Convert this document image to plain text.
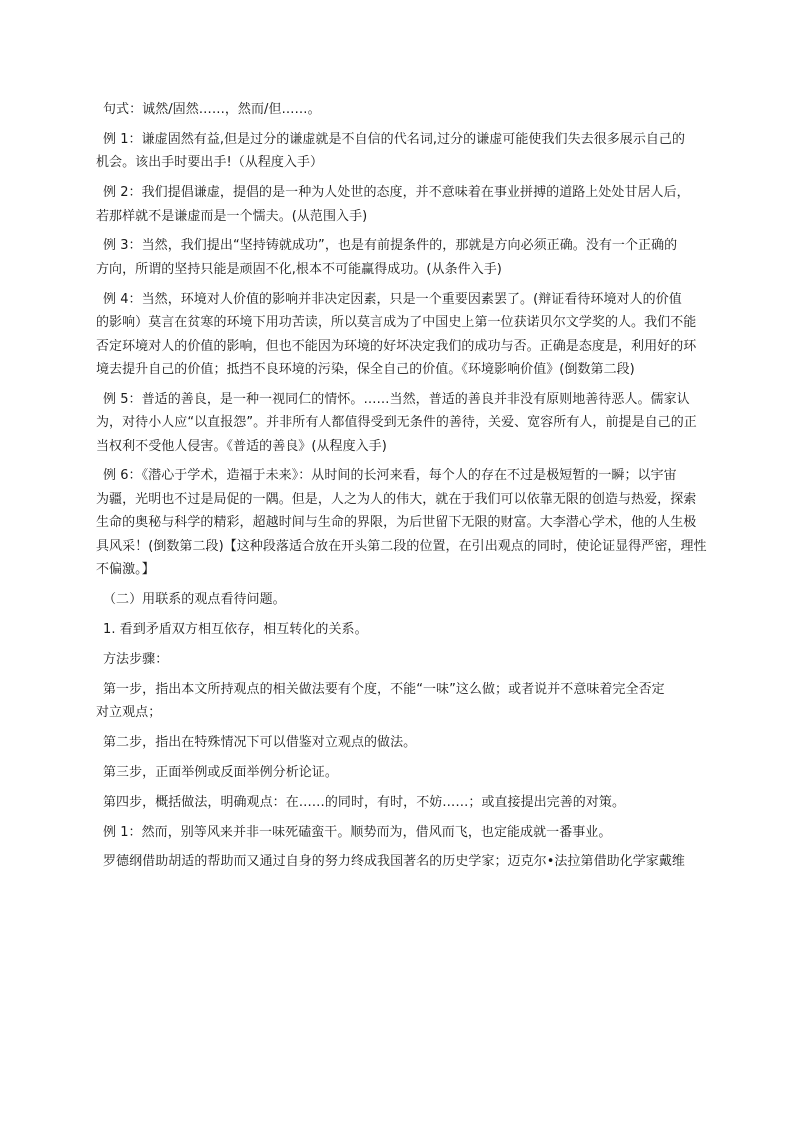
句式：诚然/固然……，然而/但……。
例 1：谦虚固然有益,但是过分的谦虚就是不自信的代名词,过分的谦虚可能使我们失去很多展示自己的
机会。该出手时要出手!（从程度入手）
例 2：我们提倡谦虚，提倡的是一种为人处世的态度，并不意味着在事业拼搏的道路上处处甘居人后，
若那样就不是谦虚而是一个懦夫。(从范围入手)
例 3：当然，我们提出“坚持铸就成功”，也是有前提条件的，那就是方向必须正确。没有一个正确的
方向，所谓的坚持只能是顽固不化,根本不可能赢得成功。(从条件入手)
例 4：当然，环境对人价值的影响并非决定因素，只是一个重要因素罢了。(辩证看待环境对人的价值
的影响）莫言在贫寒的环境下用功苦读，所以莫言成为了中国史上第一位获诺贝尔文学奖的人。我们不能
否定环境对人的价值的影响，但也不能因为环境的好坏决定我们的成功与否。正确是态度是，利用好的环
境去提升自己的价值；抵挡不良环境的污染，保全自己的价值。《环境影响价值》(倒数第二段)
例 5：普适的善良，是一种一视同仁的情怀。……当然，普适的善良并非没有原则地善待恶人。儒家认
为，对待小人应“以直报怨”。并非所有人都值得受到无条件的善待，关爱、宽容所有人，前提是自己的正
当权利不受他人侵害。《普适的善良》(从程度入手)
例 6：《潜心于学术，造福于未来》：从时间的长河来看，每个人的存在不过是极短暂的一瞬；以宇宙
为疆，光明也不过是局促的一隅。但是，人之为人的伟大，就在于我们可以依靠无限的创造与热爱，探索
生命的奥秘与科学的精彩，超越时间与生命的界限，为后世留下无限的财富。大李潜心学术，他的人生极
具风采！(倒数第二段)【这种段落适合放在开头第二段的位置，在引出观点的同时，使论证显得严密，理性
不偏激。】
（二）用联系的观点看待问题。
1. 看到矛盾双方相互依存，相互转化的关系。
方法步骤：
第一步，指出本文所持观点的相关做法要有个度，不能“一味”这么做；或者说并不意味着完全否定
对立观点；
第二步，指出在特殊情况下可以借鉴对立观点的做法。
第三步，正面举例或反面举例分析论证。
第四步，概括做法，明确观点：在……的同时，有时，不妨……；或直接提出完善的对策。
例 1：然而，别等风来并非一味死磕蛮干。顺势而为，借风而飞，也定能成就一番事业。
罗德纲借助胡适的帮助而又通过自身的努力终成我国著名的历史学家；迈克尔•法拉第借助化学家戴维
